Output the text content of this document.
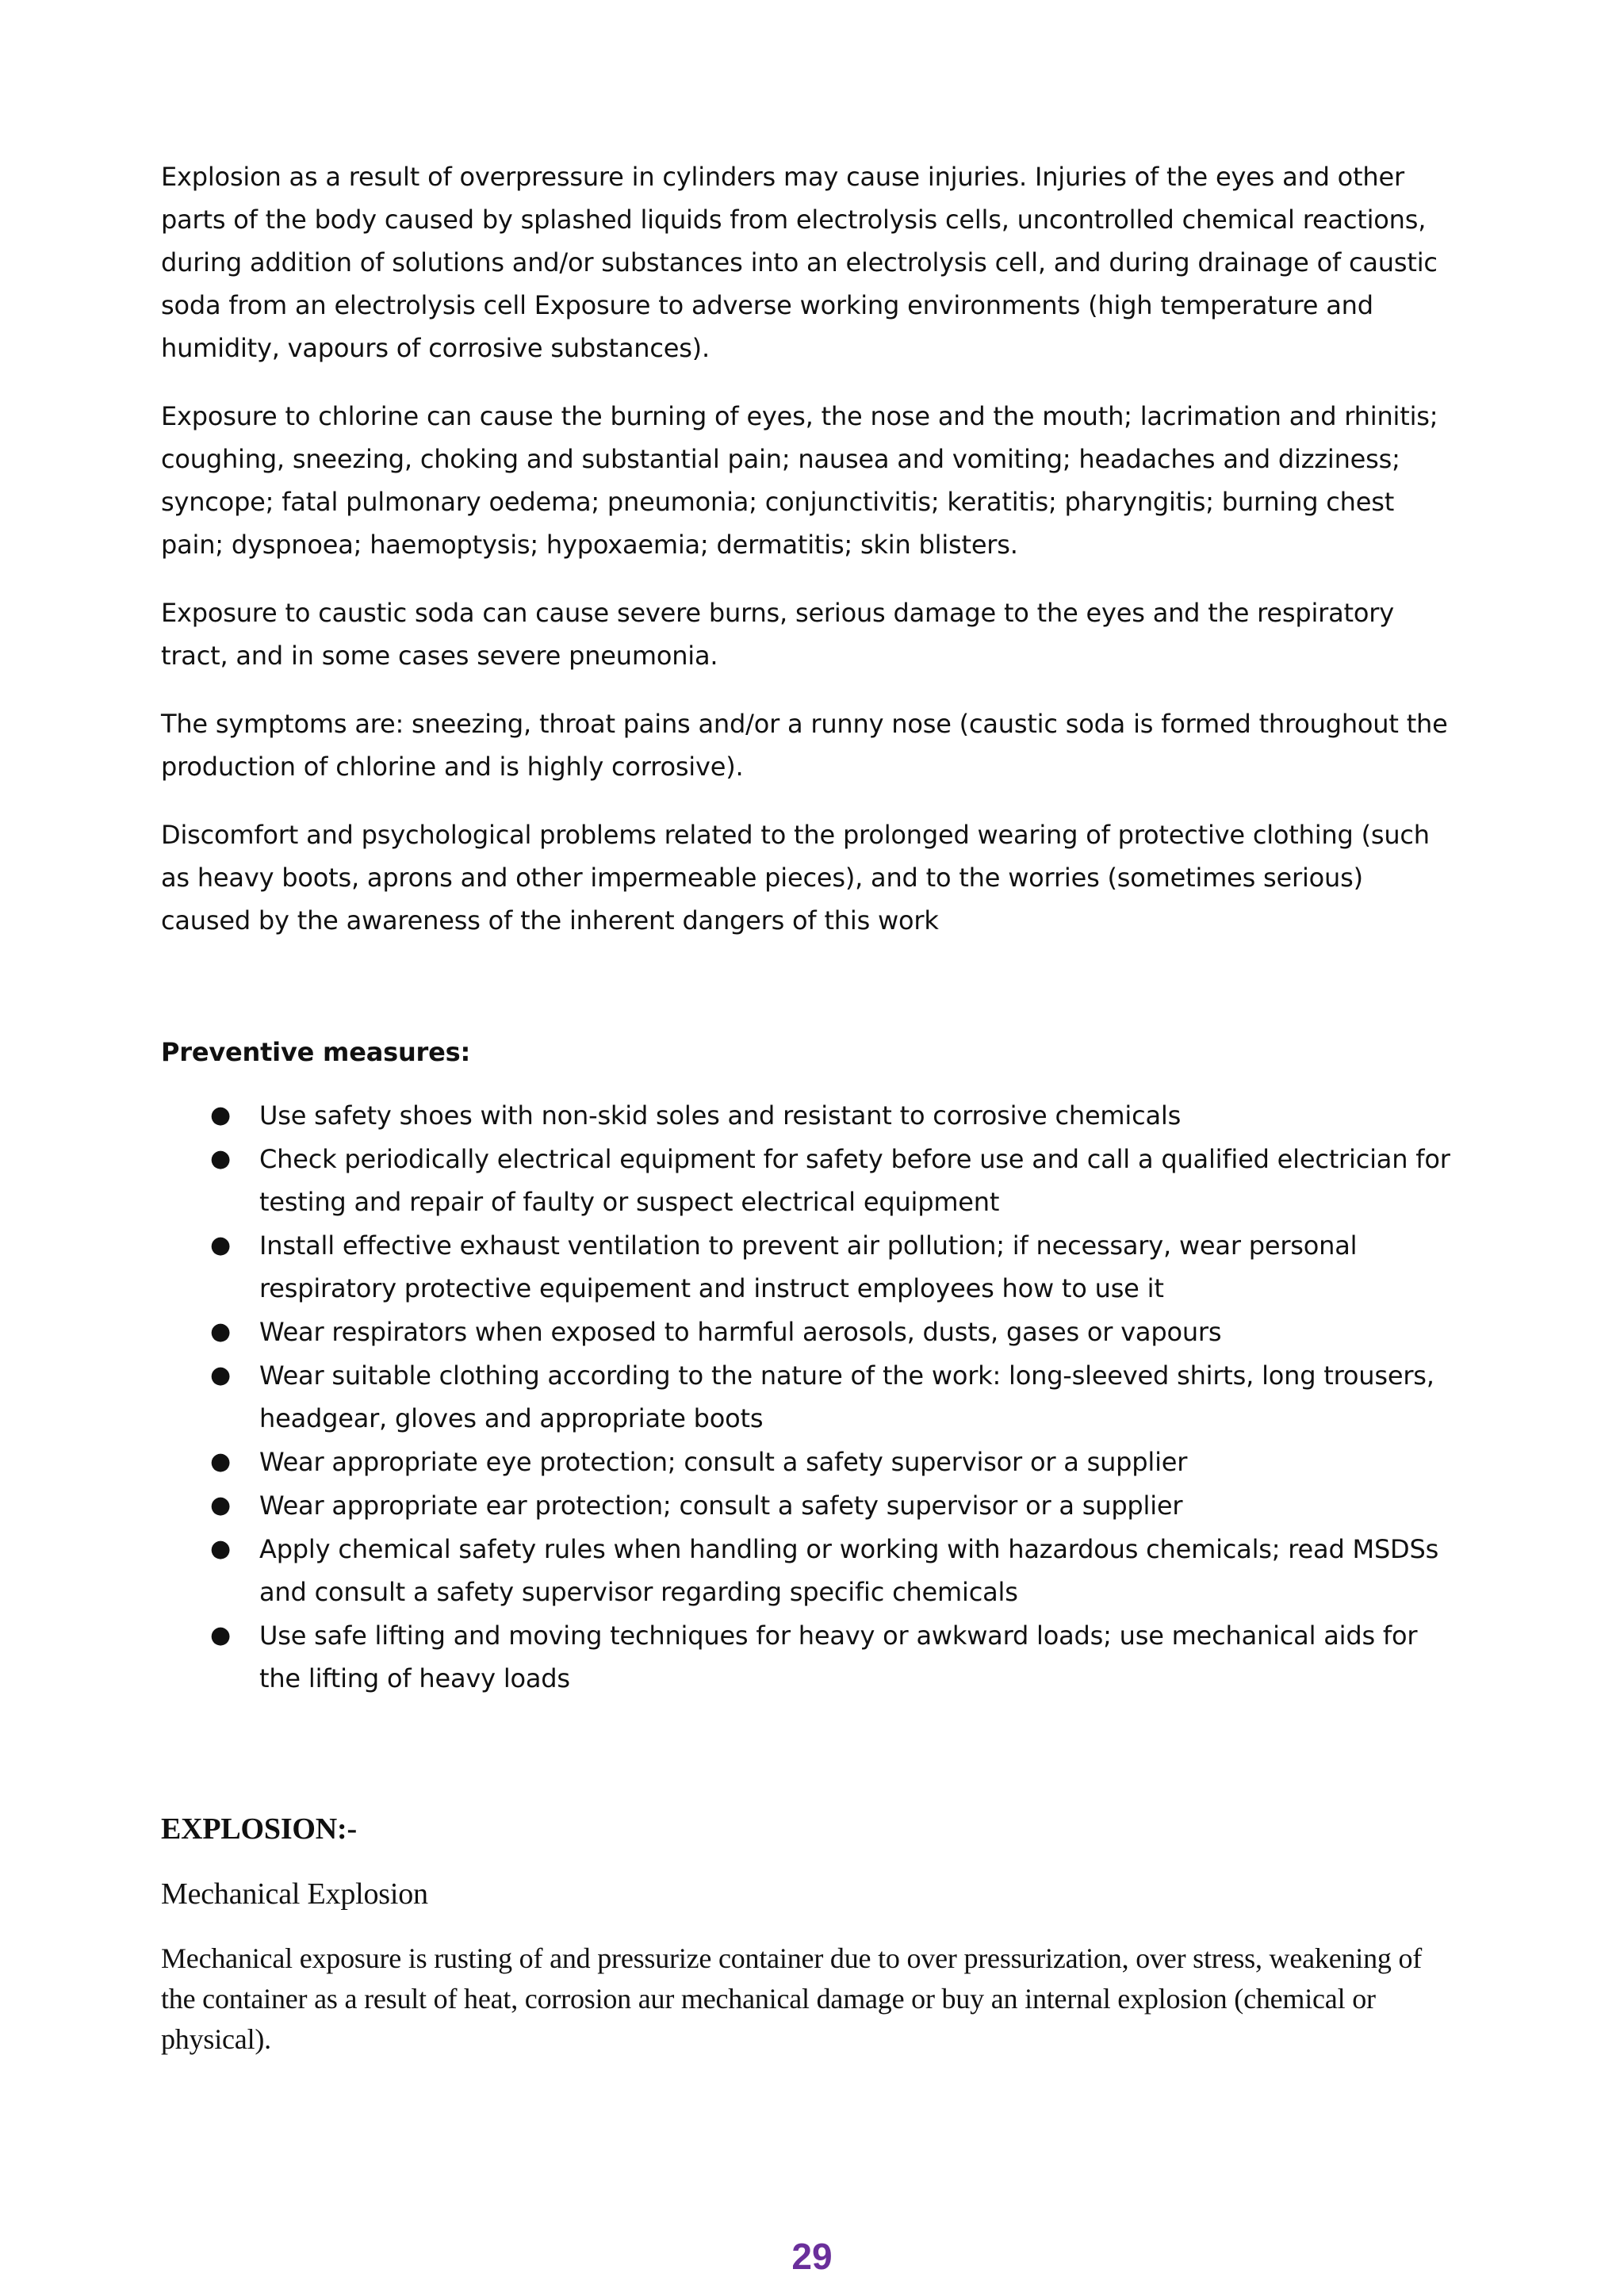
Explosion as a result of overpressure in cylinders may cause injuries. Injuries of the eyes and other parts of the body caused by splashed liquids from electrolysis cells, uncontrolled chemical reactions, during addition of solutions and/or substances into an electrolysis cell, and during drainage of caustic soda from an electrolysis cell Exposure to adverse working environments (high temperature and humidity, vapours of corrosive substances).

Exposure to chlorine can cause the burning of eyes, the nose and the mouth; lacrimation and rhinitis; coughing, sneezing, choking and substantial pain; nausea and vomiting; headaches and dizziness; syncope; fatal pulmonary oedema; pneumonia; conjunctivitis; keratitis; pharyngitis; burning chest pain; dyspnoea; haemoptysis; hypoxaemia; dermatitis; skin blisters.

Exposure to caustic soda can cause severe burns, serious damage to the eyes and the respiratory tract, and in some cases severe pneumonia.

The symptoms are: sneezing, throat pains and/or a runny nose (caustic soda is formed throughout the production of chlorine and is highly corrosive).

Discomfort and psychological problems related to the prolonged wearing of protective clothing (such as heavy boots, aprons and other impermeable pieces), and to the worries (sometimes serious) caused by the awareness of the inherent dangers of this work

Preventive measures:

● Use safety shoes with non-skid soles and resistant to corrosive chemicals
● Check periodically electrical equipment for safety before use and call a qualified electrician for testing and repair of faulty or suspect electrical equipment
● Install effective exhaust ventilation to prevent air pollution; if necessary, wear personal respiratory protective equipement and instruct employees how to use it
● Wear respirators when exposed to harmful aerosols, dusts, gases or vapours
● Wear suitable clothing according to the nature of the work: long-sleeved shirts, long trousers, headgear, gloves and appropriate boots
● Wear appropriate eye protection; consult a safety supervisor or a supplier
● Wear appropriate ear protection; consult a safety supervisor or a supplier
● Apply chemical safety rules when handling or working with hazardous chemicals; read MSDSs and consult a safety supervisor regarding specific chemicals
● Use safe lifting and moving techniques for heavy or awkward loads; use mechanical aids for the lifting of heavy loads

EXPLOSION:-

Mechanical Explosion

Mechanical exposure is rusting of and pressurize container due to over pressurization, over stress, weakening of the container as a result of heat, corrosion aur mechanical damage or buy an internal explosion (chemical or physical).

29
